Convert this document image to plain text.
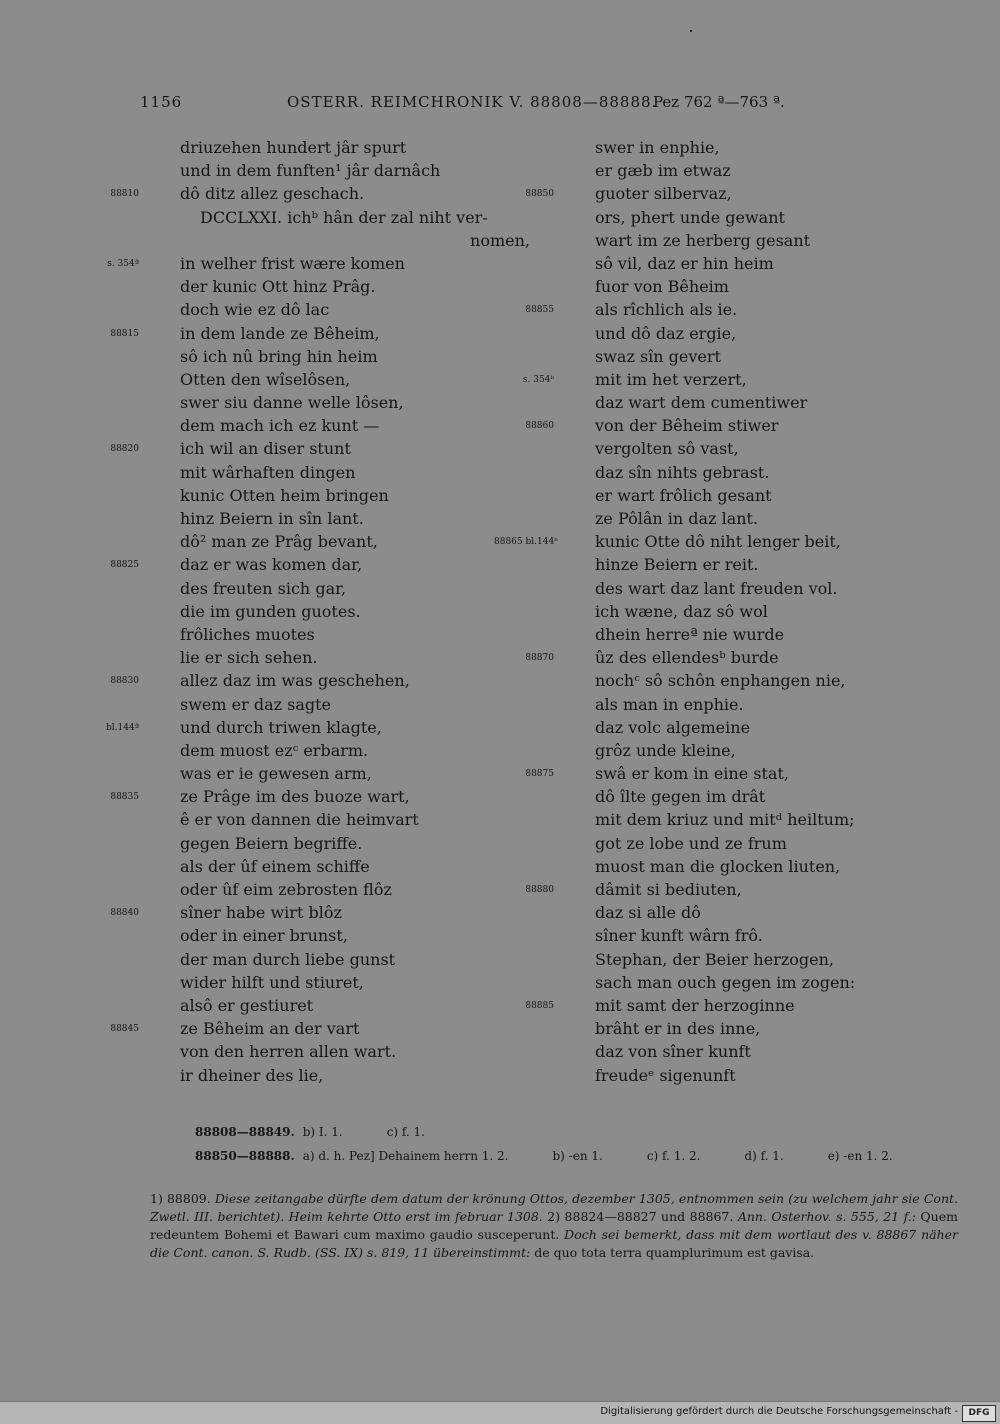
1156	OSTERR. REIMCHRONIK V. 88808—88888.
Pez 762 ª—763 ª.
driuzehen hundert jâr spurt
und in dem funften¹ jâr darnâch
88810	dô ditz allez geschach.
DCCLXXI. ichᵇ hân der zal niht ver-
nomen,
s. 354ª	in welher frist wære komen
der kunic Ott hinz Prâg.
doch wie ez dô lac
88815	in dem lande ze Bêheim,
sô ich nû bring hin heim
Otten den wîselôsen,
swer siu danne welle lôsen,
dem mach ich ez kunt —
88820	ich wil an diser stunt
mit wârhaften dingen
kunic Otten heim bringen
hinz Beiern in sîn lant.
dô² man ze Prâg bevant,
88825	daz er was komen dar,
des freuten sich gar,
die im gunden guotes.
frôliches muotes
lie er sich sehen.
88830	allez daz im was geschehen,
swem er daz sagte
bl.144ª	und durch triwen klagte,
dem muost ezᶜ erbarm.
was er ie gewesen arm,
88835	ze Prâge im des buoze wart,
ê er von dannen die heimvart
gegen Beiern begriffe.
als der ûf einem schiffe
oder ûf eim zebrosten flôz
88840	sîner habe wirt blôz
oder in einer brunst,
der man durch liebe gunst
wider hilft und stiuret,
alsô er gestiuret
88845	ze Bêheim an der vart
von den herren allen wart.
ir dheiner des lie,
swer in enphie,
er gæb im etwaz
88850	guoter silbervaz,
ors, phert unde gewant
wart im ze herberg gesant
sô vil, daz er hin heim
fuor von Bêheim
88855	als rîchlich als ie.
und dô daz ergie,
swaz sîn gevert
s. 354ᵇ	mit im het verzert,
daz wart dem cumentiwer
88860	von der Bêheim stiwer
vergolten sô vast,
daz sîn nihts gebrast.
er wart frôlich gesant
ze Pôlân in daz lant.
88865 bl.144ᵇ kunic Otte dô niht lenger beit,
hinze Beiern er reit.
des wart daz lant freuden vol.
ich wæne, daz sô wol
dhein herreª nie wurde
88870	ûz des ellendesᵇ burde
nochᶜ sô schôn enphangen nie,
als man in enphie.
daz volc algemeine
grôz unde kleine,
88875	swâ er kom in eine stat,
dô îlte gegen im drât
mit dem kriuz und mitᵈ heiltum;
got ze lobe und ze frum
muost man die glocken liuten,
88880	dâmit si bediuten,
daz si alle dô
sîner kunft wârn frô.
Stephan, der Beier herzogen,
sach man ouch gegen im zogen:
88885	mit samt der herzoginne
brâht er in des inne,
daz von sîner kunft
freudeᵉ sigenunft
88808—88849. b) I. 1.	c) f. 1.
88850—88888. a) d. h. Pez] Dehainem herrn 1. 2.	b) -en 1.	c) f. 1. 2.	d) f. 1.	e) -en 1. 2.

1) 88809. Diese zeitangabe dürfte dem datum der krönung Ottos, dezember 1305, entnommen sein (zu welchem jahr sie Cont. Zwetl. III. berichtet). Heim kehrte Otto erst im februar 1308. 2) 88824—88827 und 88867. Ann. Osterhov. s. 555, 21 f.: Quem redeuntem Bohemi et Bawari cum maximo gaudio susceperunt. Doch sei bemerkt, dass mit dem wortlaut des v. 88867 näher die Cont. canon. S. Rudb. (SS. IX) s. 819, 11 übereinstimmt: de quo tota terra quamplurimum est gavisa.

Digitalisierung gefördert durch die Deutsche Forschungsgemeinschaft -	DFG
